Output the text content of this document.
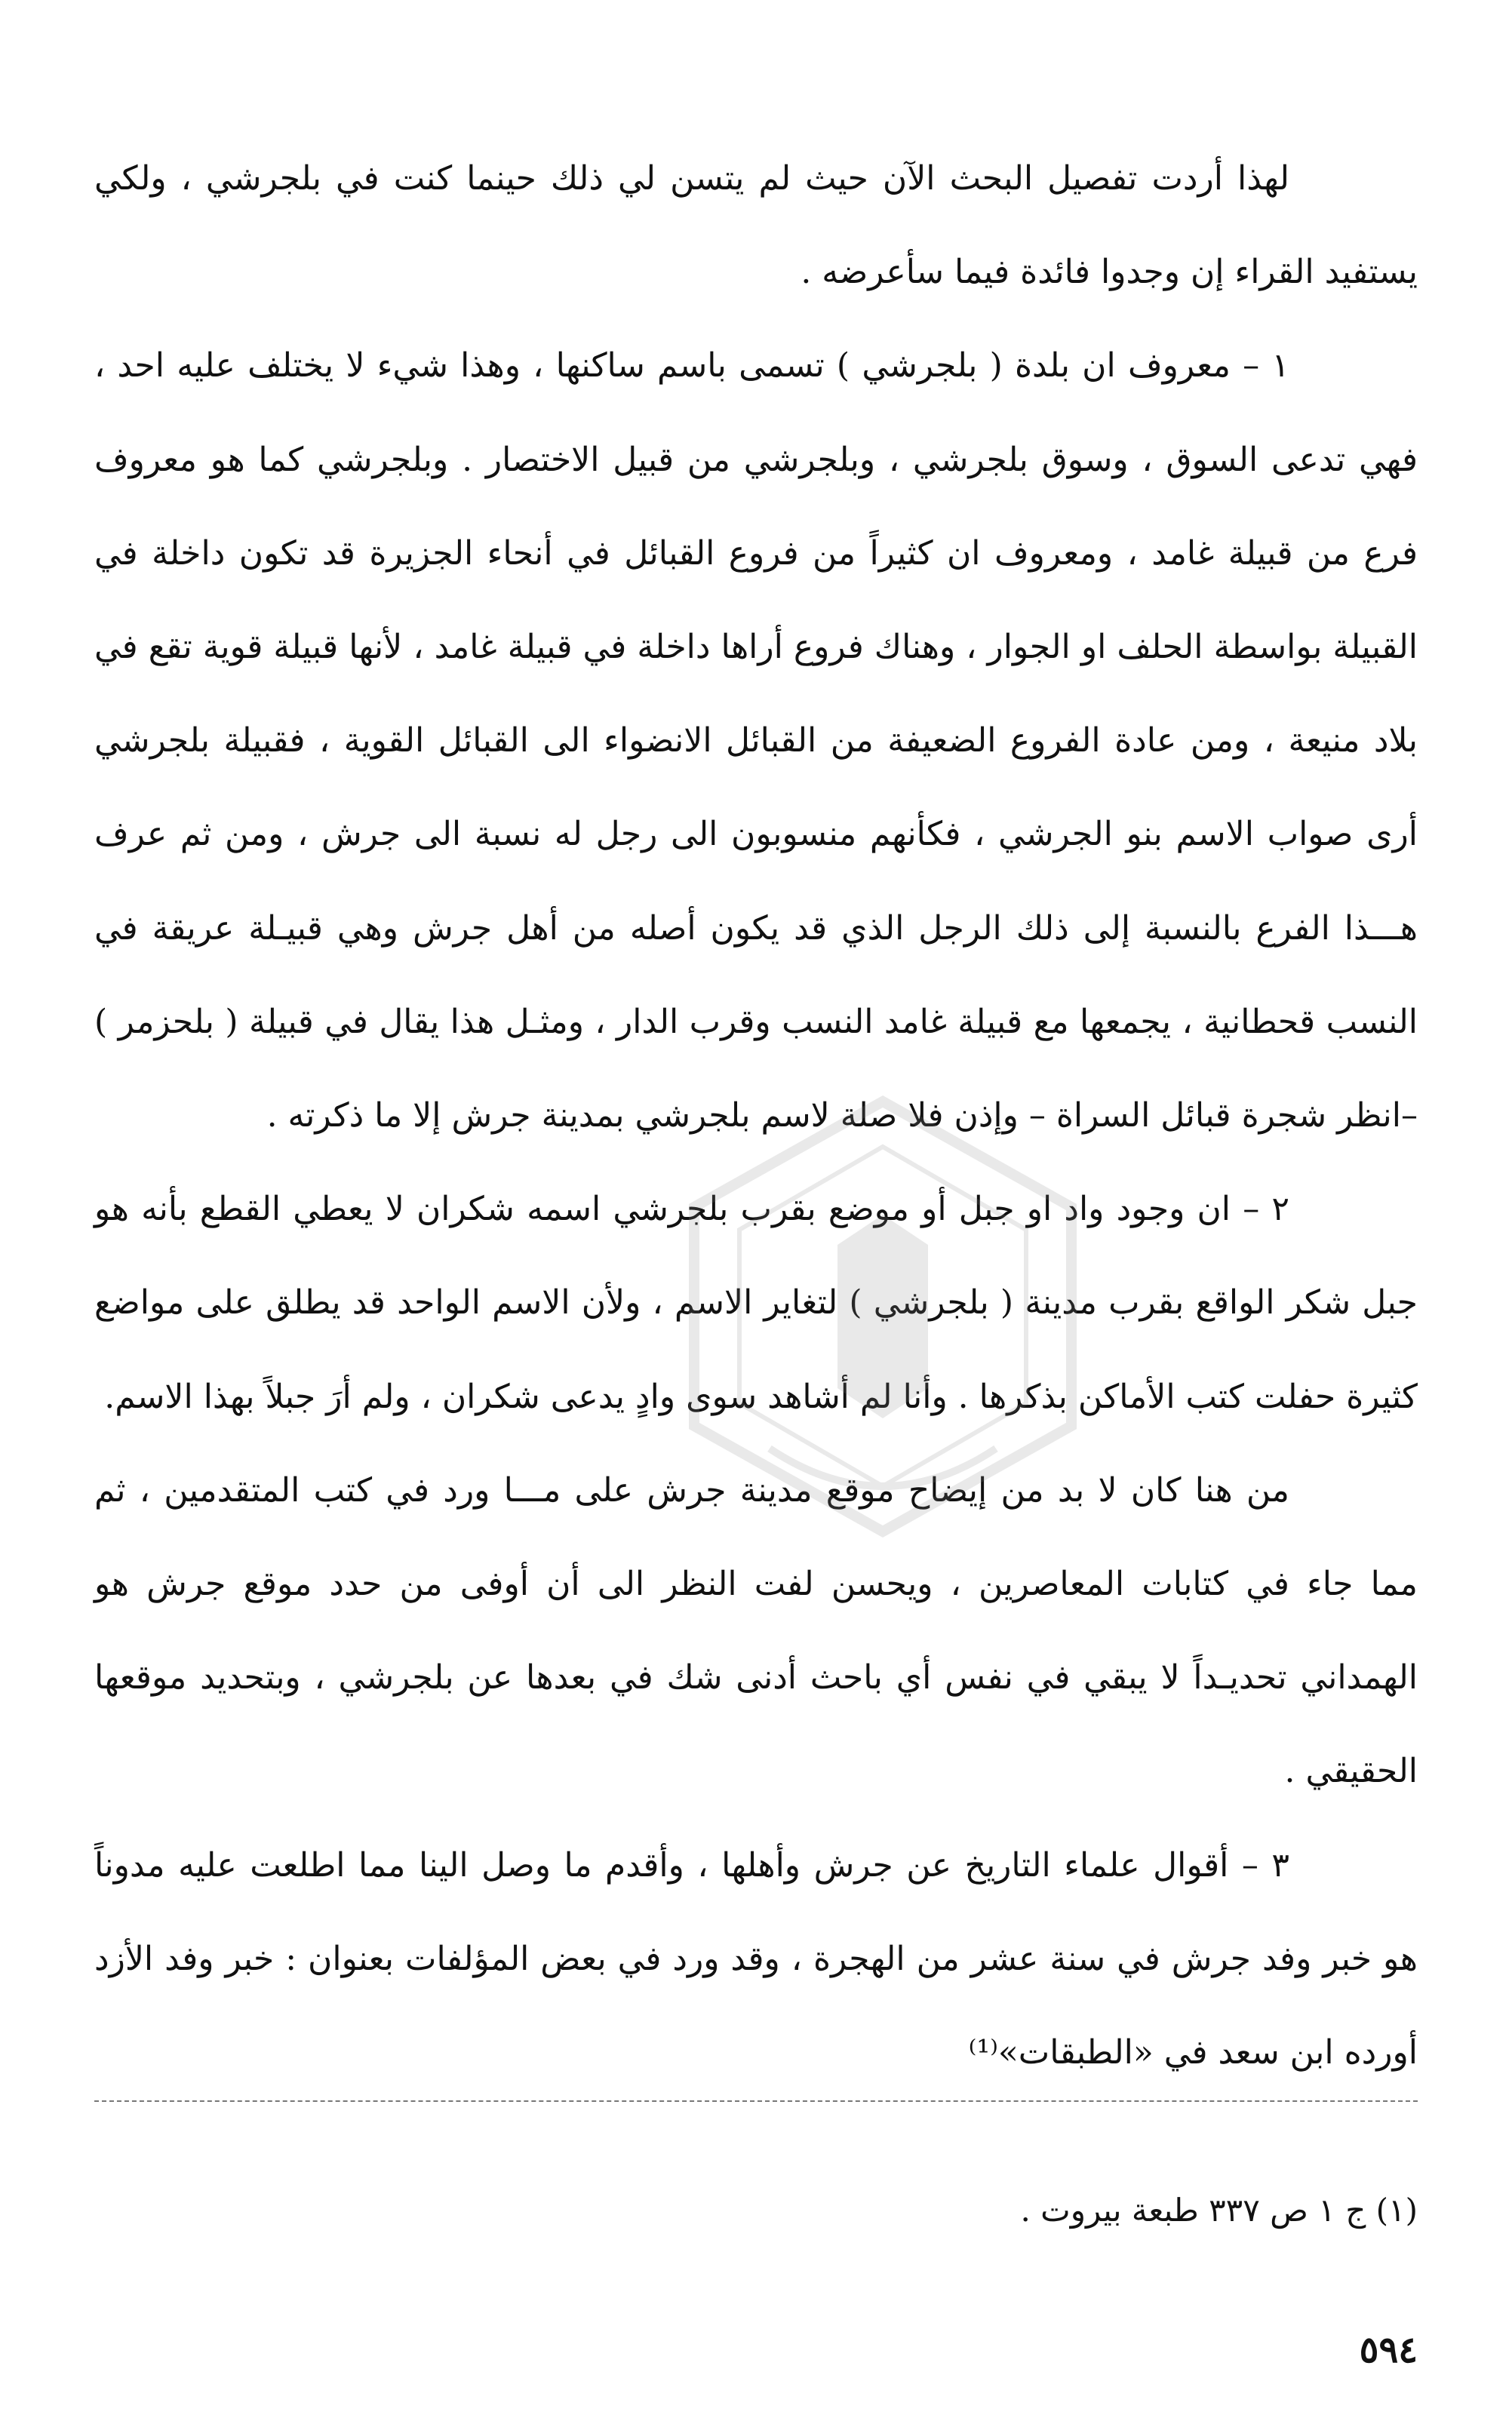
لهذا أردت تفصيل البحث الآن حيث لم يتسن لي ذلك حينما كنت في بلجرشي ، ولكي يستفيد القراء إن وجدوا فائدة فيما سأعرضه .

١ – معروف ان بلدة ( بلجرشي ) تسمى باسم ساكنها ، وهذا شيء لا يختلف عليه احد ، فهي تدعى السوق ، وسوق بلجرشي ، وبلجرشي من قبيل الاختصار . وبلجرشي كما هو معروف فرع من قبيلة غامد ، ومعروف ان كثيراً من فروع القبائل في أنحاء الجزيرة قد تكون داخلة في القبيلة بواسطة الحلف او الجوار ، وهناك فروع أراها داخلة في قبيلة غامد ، لأنها قبيلة قوية تقع في بلاد منيعة ، ومن عادة الفروع الضعيفة من القبائل الانضواء الى القبائل القوية ، فقبيلة بلجرشي أرى صواب الاسم بنو الجرشي ، فكأنهم منسوبون الى رجل له نسبة الى جرش ، ومن ثم عرف هـــذا الفرع بالنسبة إلى ذلك الرجل الذي قد يكون أصله من أهل جرش وهي قبيـلة عريقة في النسب قحطانية ، يجمعها مع قبيلة غامد النسب وقرب الدار ، ومثـل هذا يقال في قبيلة ( بلحزمر ) –انظر شجرة قبائل السراة – وإذن فلا صلة لاسم بلجرشي بمدينة جرش إلا ما ذكرته .

٢ – ان وجود واد او جبل أو موضع بقرب بلجرشي اسمه شكران لا يعطي القطع بأنه هو جبل شكر الواقع بقرب مدينة ( بلجرشي ) لتغاير الاسم ، ولأن الاسم الواحد قد يطلق على مواضع كثيرة حفلت كتب الأماكن بذكرها . وأنا لم أشاهد سوى وادٍ يدعى شكران ، ولم أرَ جبلاً بهذا الاسم.

من هنا كان لا بد من إيضاح موقع مدينة جرش على مـــا ورد في كتب المتقدمين ، ثم مما جاء في كتابات المعاصرين ، ويحسن لفت النظر الى أن أوفى من حدد موقع جرش هو الهمداني تحديـداً لا يبقي في نفس أي باحث أدنى شك في بعدها عن بلجرشي ، وبتحديد موقعها الحقيقي .

٣ – أقوال علماء التاريخ عن جرش وأهلها ، وأقدم ما وصل الينا مما اطلعت عليه مدوناً هو خبر وفد جرش في سنة عشر من الهجرة ، وقد ورد في بعض المؤلفات بعنوان : خبر وفد الأزد أورده ابن سعد في «الطبقات»⁽¹⁾

(١) ج ١ ص ٣٣٧ طبعة بيروت .
٥٩٤
